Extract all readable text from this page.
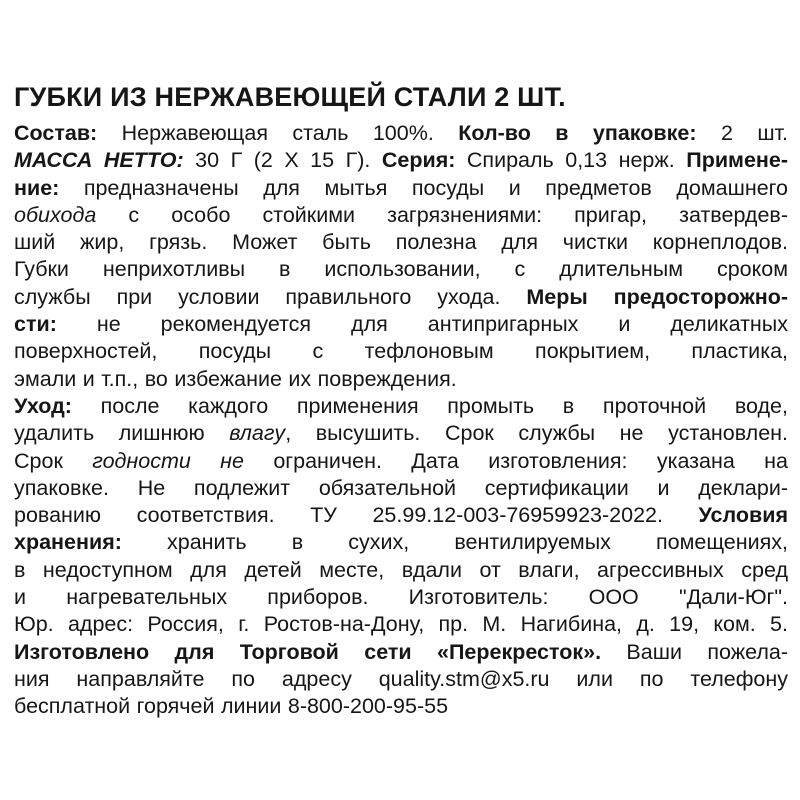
ГУБКИ ИЗ НЕРЖАВЕЮЩЕЙ СТАЛИ 2 ШТ.
Состав: Нержавеющая сталь 100%. Кол-во в упаковке: 2 шт.
МАССА НЕТТО: 30 Г (2 Х 15 Г). Серия: Спираль 0,13 нерж. Примене-
ние: предназначены для мытья посуды и предметов домашнего
обихода с особо стойкими загрязнениями: пригар, затвердев-
ший жир, грязь. Может быть полезна для чистки корнеплодов.
Губки неприхотливы в использовании, с длительным сроком
службы при условии правильного ухода. Меры предосторожно-
сти: не рекомендуется для антипригарных и деликатных
поверхностей, посуды с тефлоновым покрытием, пластика,
эмали и т.п., во избежание их повреждения.
Уход: после каждого применения промыть в проточной воде,
удалить лишнюю влагу, высушить. Срок службы не установлен.
Срок годности не ограничен. Дата изготовления: указана на
упаковке. Не подлежит обязательной сертификации и деклари-
рованию соответствия. ТУ 25.99.12-003-76959923-2022. Условия
хранения: хранить в сухих, вентилируемых помещениях,
в недоступном для детей месте, вдали от влаги, агрессивных сред
и нагревательных приборов. Изготовитель: ООО "Дали-Юг".
Юр. адрес: Россия, г. Ростов-на-Дону, пр. М. Нагибина, д. 19, ком. 5.
Изготовлено для Торговой сети «Перекресток». Ваши пожела-
ния направляйте по адресу quality.stm@x5.ru или по телефону
бесплатной горячей линии 8-800-200-95-55
